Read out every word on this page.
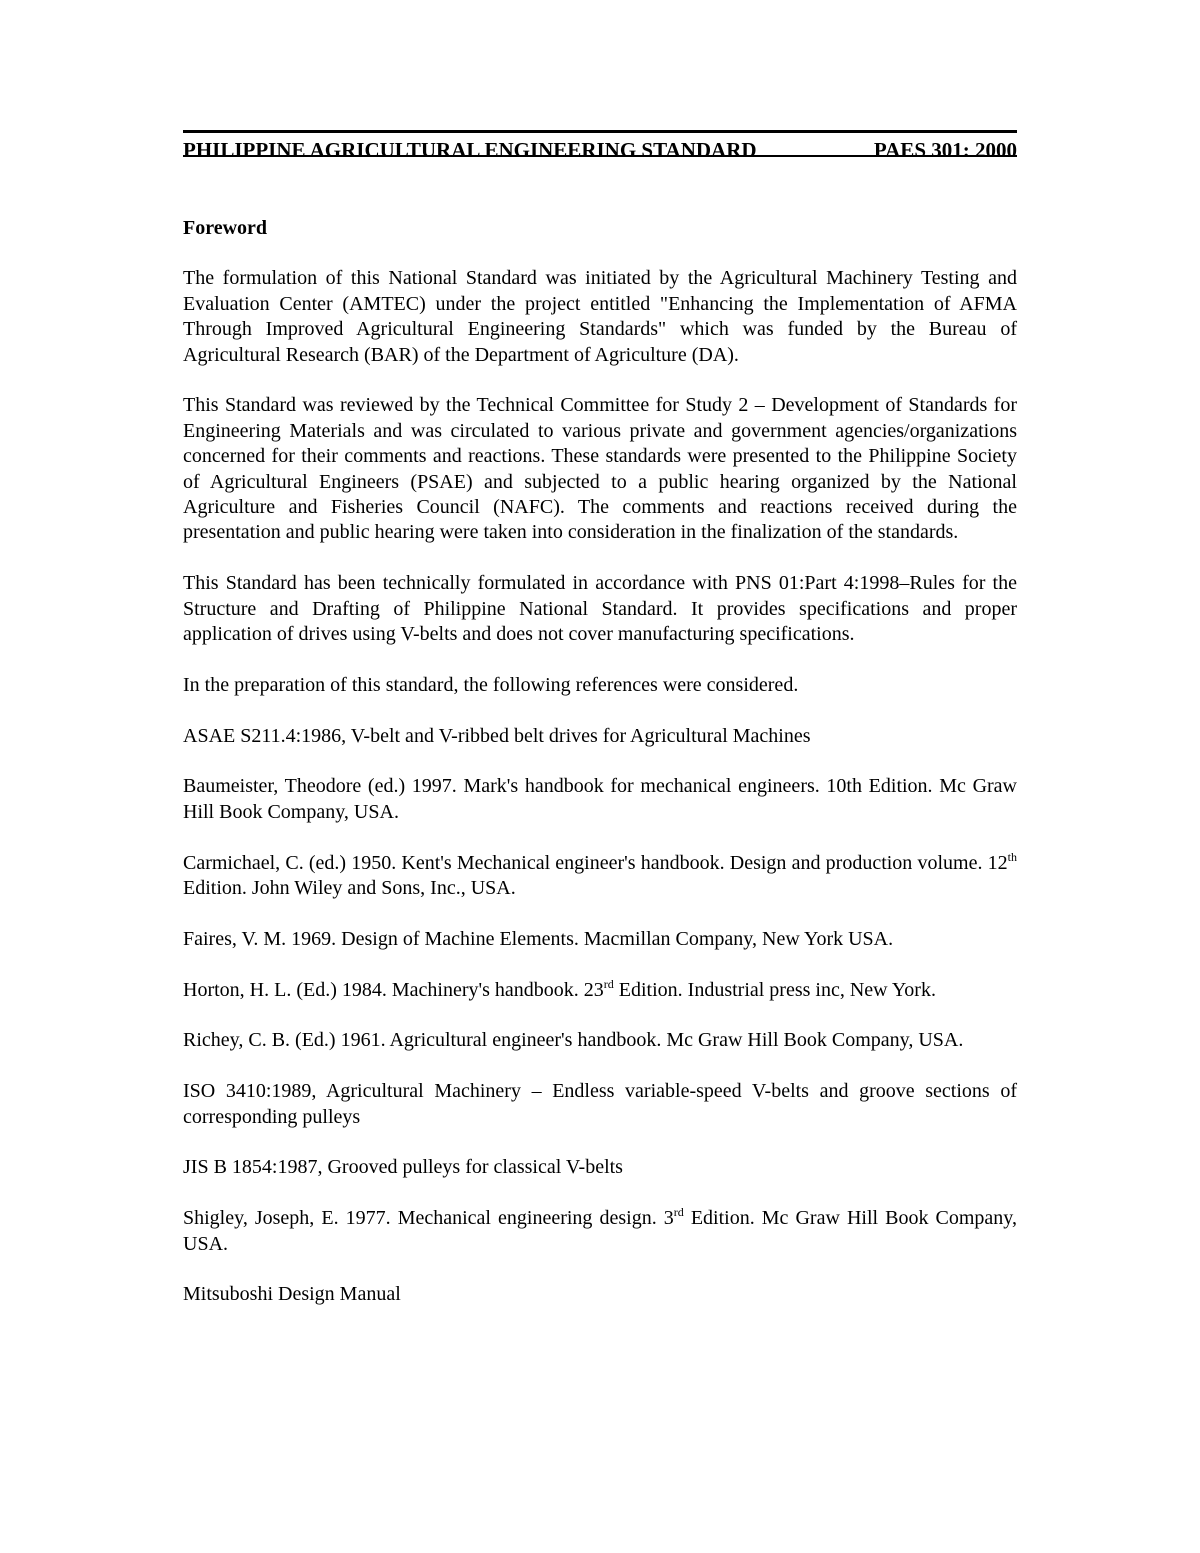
PHILIPPINE AGRICULTURAL ENGINEERING STANDARD	PAES 301: 2000
Foreword

The formulation of this National Standard was initiated by the Agricultural Machinery Testing and Evaluation Center (AMTEC) under the project entitled "Enhancing the Implementation of AFMA Through Improved Agricultural Engineering Standards" which was funded by the Bureau of Agricultural Research (BAR) of the Department of Agriculture (DA).

This Standard was reviewed by the Technical Committee for Study 2 – Development of Standards for Engineering Materials and was circulated to various private and government agencies/organizations concerned for their comments and reactions. These standards were presented to the Philippine Society of Agricultural Engineers (PSAE) and subjected to a public hearing organized by the National Agriculture and Fisheries Council (NAFC). The comments and reactions received during the presentation and public hearing were taken into consideration in the finalization of the standards.

This Standard has been technically formulated in accordance with PNS 01:Part 4:1998–Rules for the Structure and Drafting of Philippine National Standard. It provides specifications and proper application of drives using V-belts and does not cover manufacturing specifications.

In the preparation of this standard, the following references were considered.

ASAE S211.4:1986, V-belt and V-ribbed belt drives for Agricultural Machines

Baumeister, Theodore (ed.) 1997. Mark's handbook for mechanical engineers. 10th Edition. Mc Graw Hill Book Company, USA.

Carmichael, C. (ed.) 1950. Kent's Mechanical engineer's handbook. Design and production volume. 12th Edition. John Wiley and Sons, Inc., USA.

Faires, V. M. 1969. Design of Machine Elements. Macmillan Company, New York USA.

Horton, H. L. (Ed.) 1984. Machinery's handbook. 23rd Edition. Industrial press inc, New York.

Richey, C. B. (Ed.) 1961. Agricultural engineer's handbook. Mc Graw Hill Book Company, USA.

ISO 3410:1989, Agricultural Machinery – Endless variable-speed V-belts and groove sections of corresponding pulleys

JIS B 1854:1987, Grooved pulleys for classical V-belts

Shigley, Joseph, E. 1977. Mechanical engineering design. 3rd Edition. Mc Graw Hill Book Company, USA.

Mitsuboshi Design Manual
